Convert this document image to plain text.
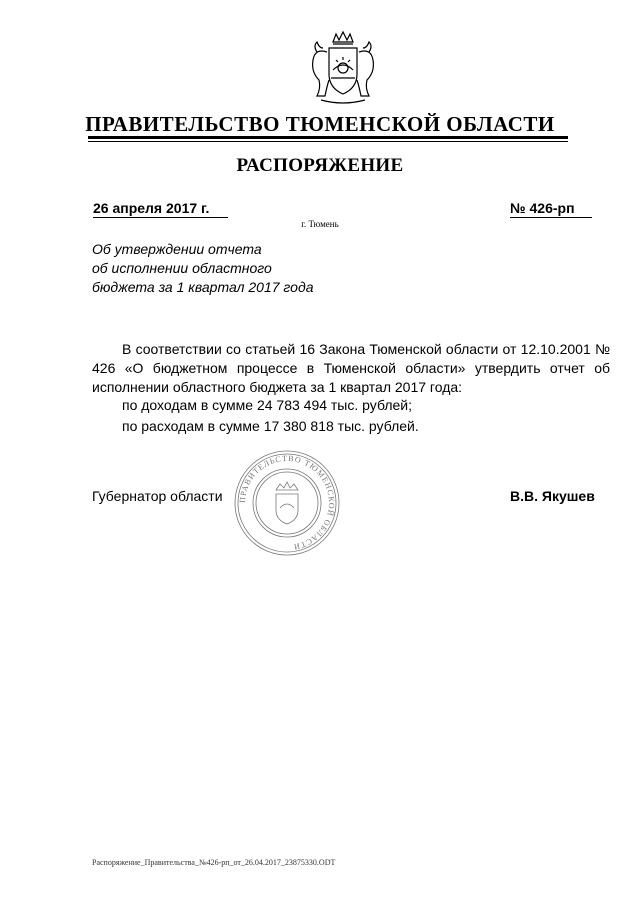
ПРАВИТЕЛЬСТВО ТЮМЕНСКОЙ ОБЛАСТИ
РАСПОРЯЖЕНИЕ
26 апреля 2017 г.	№ 426-рп
г. Тюмень
Об утверждении отчета
об исполнении областного
бюджета за 1 квартал 2017 года
В соответствии со статьей 16 Закона Тюменской области от 12.10.2001 № 426 «О бюджетном процессе в Тюменской области» утвердить отчет об исполнении областного бюджета за 1 квартал 2017 года:
по доходам в сумме 24 783 494 тыс. рублей;
по расходам в сумме 17 380 818 тыс. рублей.
ПРАВИТЕЛЬСТВО ТЮМЕНСКОЙ ОБЛАСТИ
Губернатор области	В.В. Якушев
Распоряжение_Правительства_№426-рп_от_26.04.2017_23875330.ODT
